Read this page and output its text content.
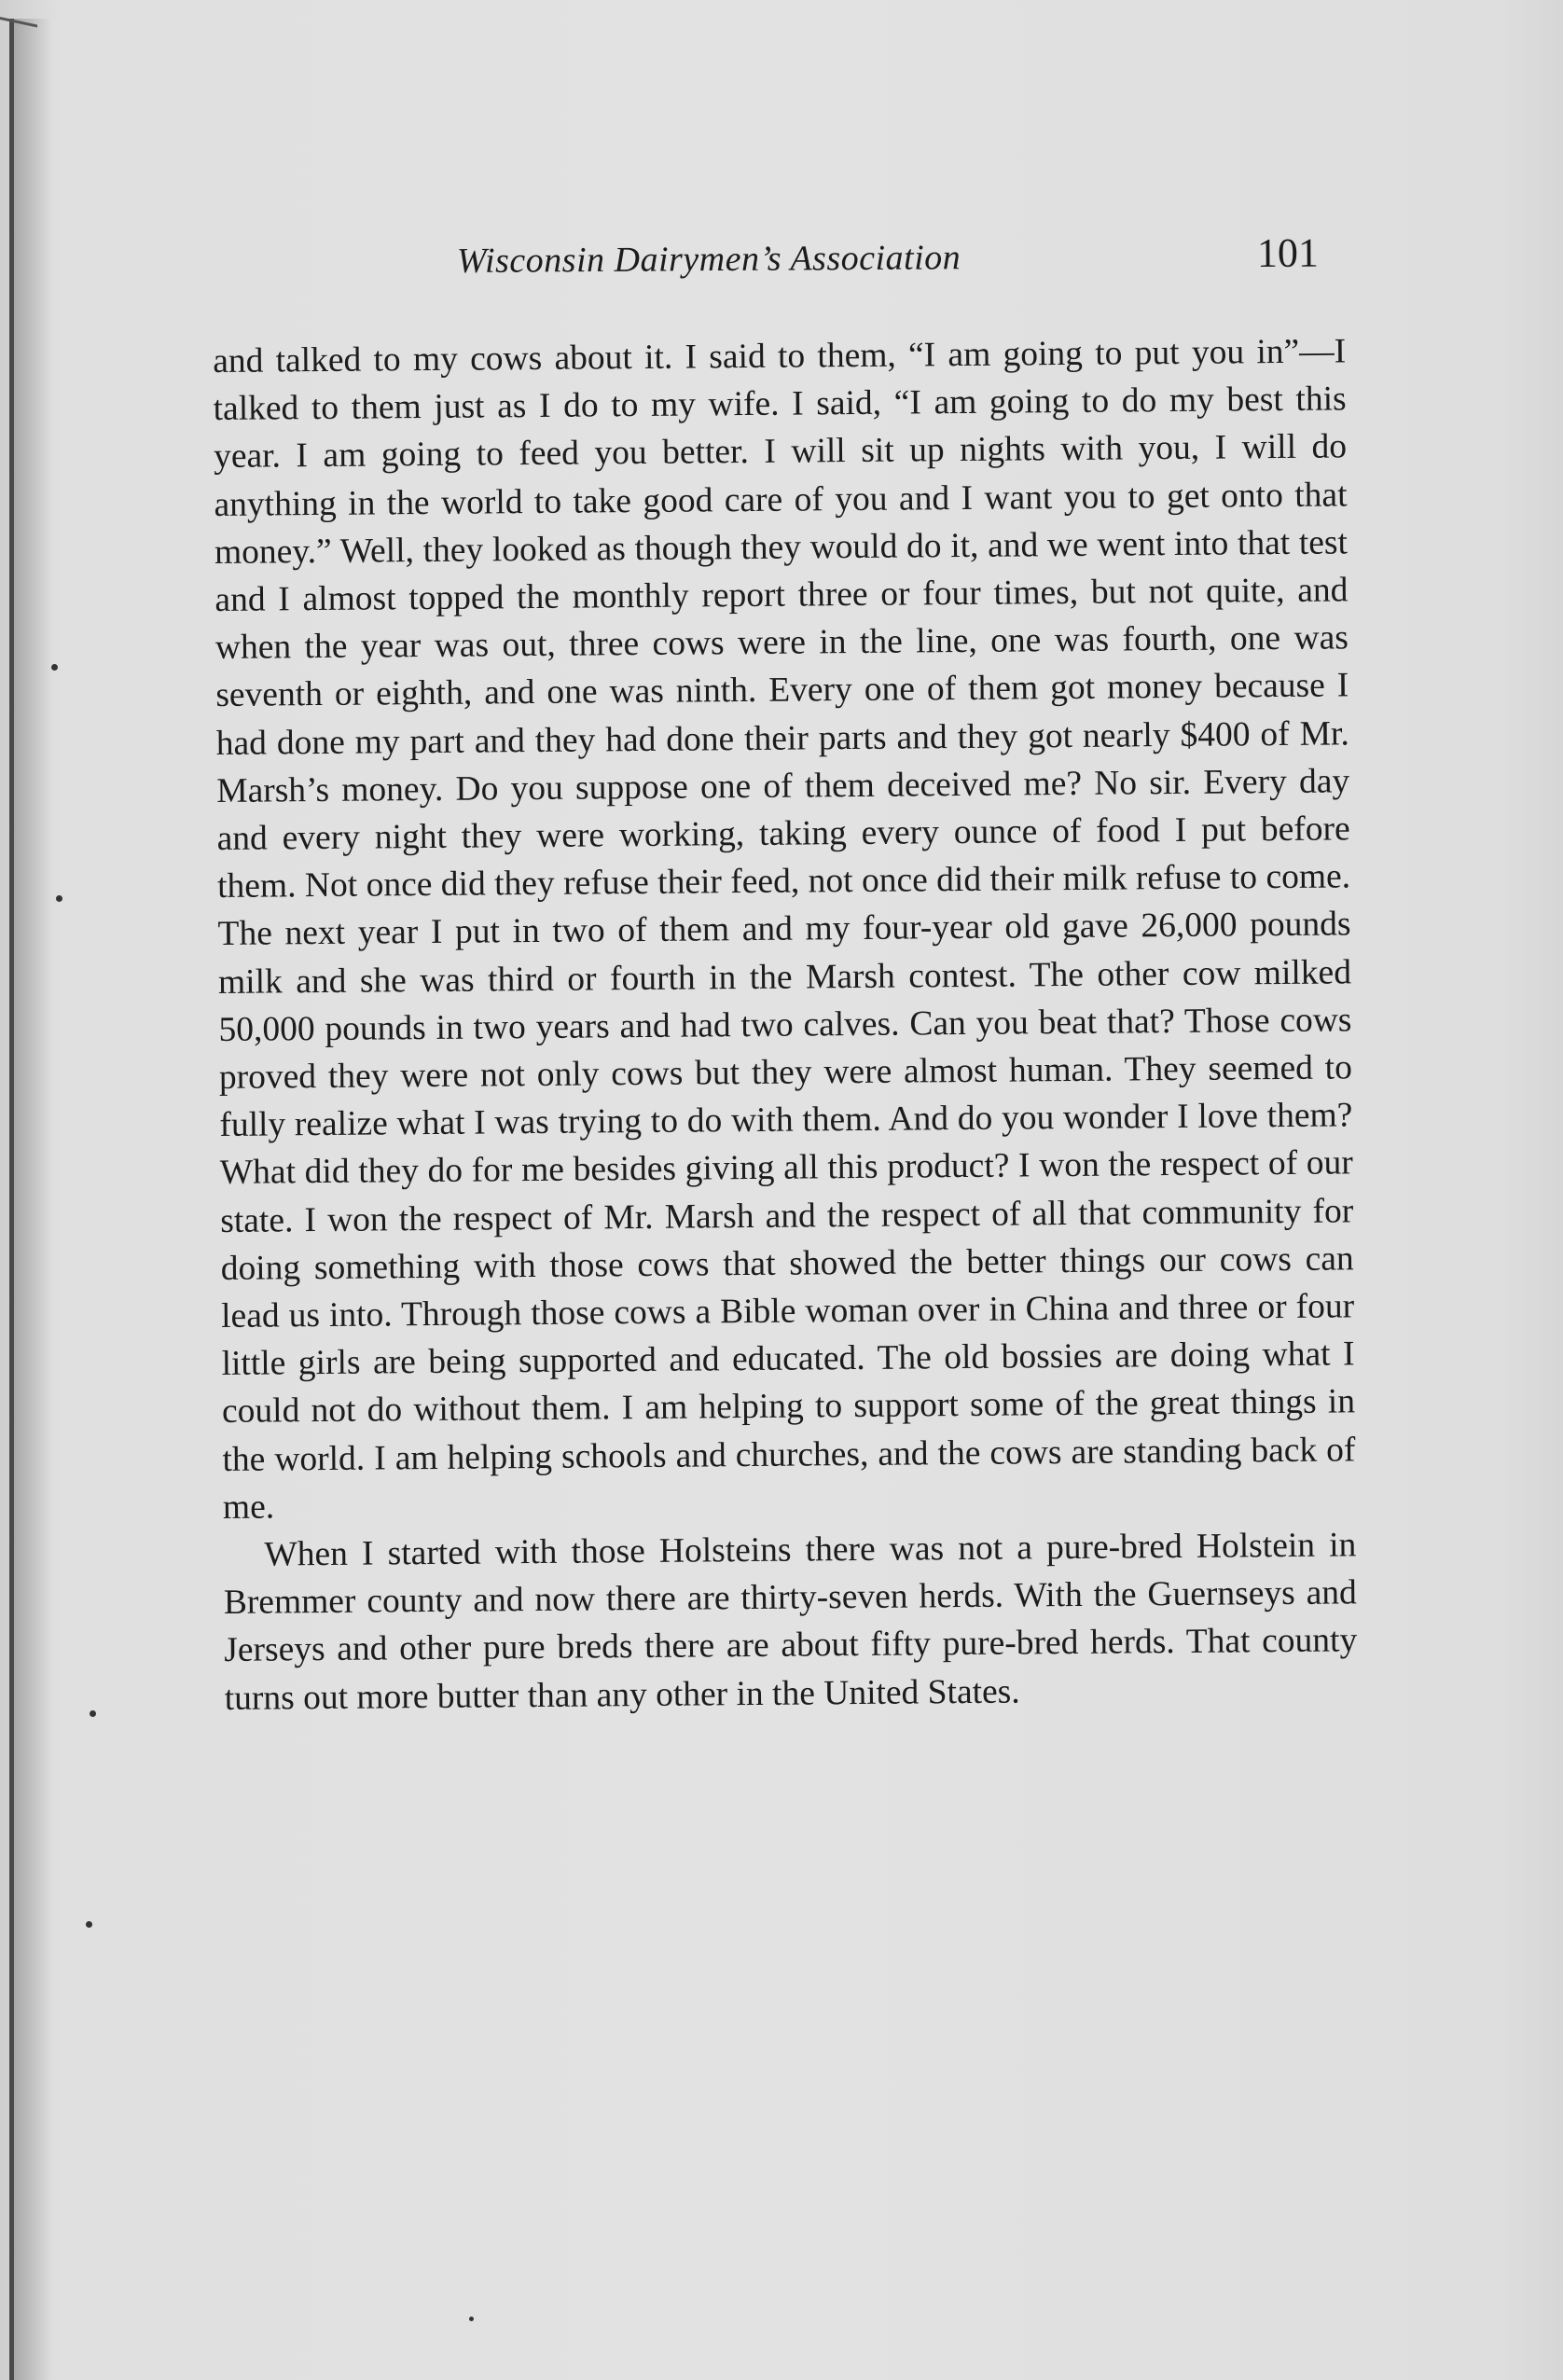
Wisconsin Dairymen’s Association	101

and talked to my cows about it. I said to them, “I am going to put you in”—I talked to them just as I do to my wife. I said, “I am going to do my best this year. I am going to feed you better. I will sit up nights with you, I will do anything in the world to take good care of you and I want you to get onto that money.” Well, they looked as though they would do it, and we went into that test and I almost topped the monthly report three or four times, but not quite, and when the year was out, three cows were in the line, one was fourth, one was seventh or eighth, and one was ninth. Every one of them got money because I had done my part and they had done their parts and they got nearly $400 of Mr. Marsh’s money. Do you suppose one of them deceived me? No sir. Every day and every night they were working, taking every ounce of food I put before them. Not once did they refuse their feed, not once did their milk refuse to come. The next year I put in two of them and my four-year old gave 26,000 pounds milk and she was third or fourth in the Marsh contest. The other cow milked 50,000 pounds in two years and had two calves. Can you beat that? Those cows proved they were not only cows but they were almost human. They seemed to fully realize what I was trying to do with them. And do you wonder I love them? What did they do for me besides giving all this product? I won the respect of our state. I won the respect of Mr. Marsh and the respect of all that community for doing something with those cows that showed the better things our cows can lead us into. Through those cows a Bible woman over in China and three or four little girls are being supported and educated. The old bossies are doing what I could not do without them. I am helping to support some of the great things in the world. I am helping schools and churches, and the cows are standing back of me.

When I started with those Holsteins there was not a pure-bred Holstein in Bremmer county and now there are thirty-seven herds. With the Guernseys and Jerseys and other pure breds there are about fifty pure-bred herds. That county turns out more butter than any other in the United States.
